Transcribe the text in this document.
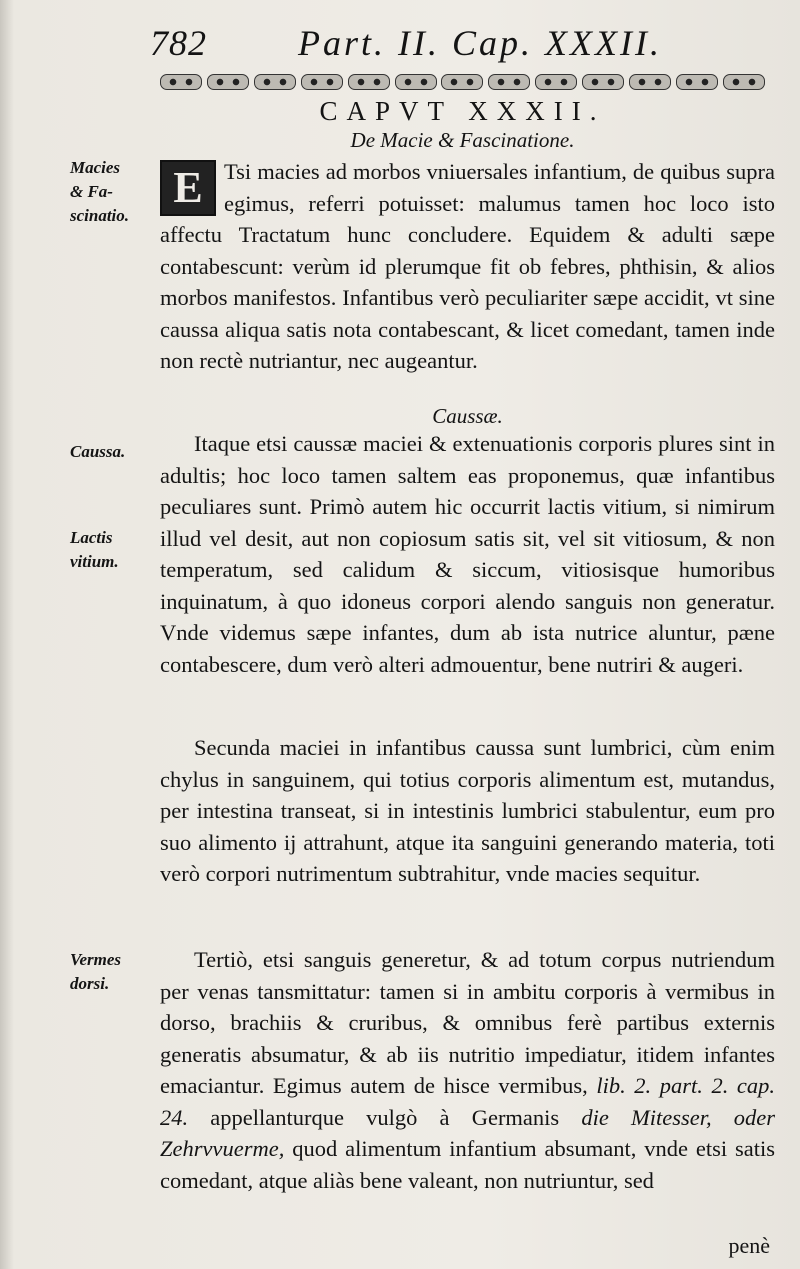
782	Part. II. Cap. XXXII.
CAPVT XXXII.
De Macie & Fascinatione.
Macies
& Fa-
scinatio.
Caussa.
Lactis
vitium.
Vermes
dorsi.

E Tsi macies ad morbos vniuersales infantium, de quibus supra egimus, referri potuisset: malumus tamen hoc loco isto affectu Tractatum hunc concludere. Equidem & adulti sæpe contabescunt: verùm id plerumque fit ob febres, phthisin, & alios morbos manifestos. Infantibus verò peculiariter sæpe accidit, vt sine caussa aliqua satis nota contabescant, & licet comedant, tamen inde non rectè nutriantur, nec augeantur.

Caussæ.

Itaque etsi caussæ maciei & extenuationis corporis plures sint in adultis; hoc loco tamen saltem eas proponemus, quæ infantibus peculiares sunt. Primò autem hic occurrit lactis vitium, si nimirum illud vel desit, aut non copiosum satis sit, vel sit vitiosum, & non temperatum, sed calidum & siccum, vitiosisque humoribus inquinatum, à quo idoneus corpori alendo sanguis non generatur. Vnde videmus sæpe infantes, dum ab ista nutrice aluntur, pæne contabescere, dum verò alteri admouentur, bene nutriri & augeri.

Secunda maciei in infantibus caussa sunt lumbrici, cùm enim chylus in sanguinem, qui totius corporis alimentum est, mutandus, per intestina transeat, si in intestinis lumbrici stabulentur, eum pro suo alimento ij attrahunt, atque ita sanguini generando materia, toti verò corpori nutrimentum subtrahitur, vnde macies sequitur.

Tertiò, etsi sanguis generetur, & ad totum corpus nutriendum per venas tansmittatur: tamen si in ambitu corporis à vermibus in dorso, brachiis & cruribus, & omnibus ferè partibus externis generatis absumatur, & ab iis nutritio impediatur, itidem infantes emaciantur. Egimus autem de hisce vermibus, lib. 2. part. 2. cap. 24. appellanturque vulgò à Germanis die Mitesser, oder Zehrvvuerme, quod alimentum infantium absumant, vnde etsi satis comedant, atque aliàs bene valeant, non nutriuntur, sed

penè
